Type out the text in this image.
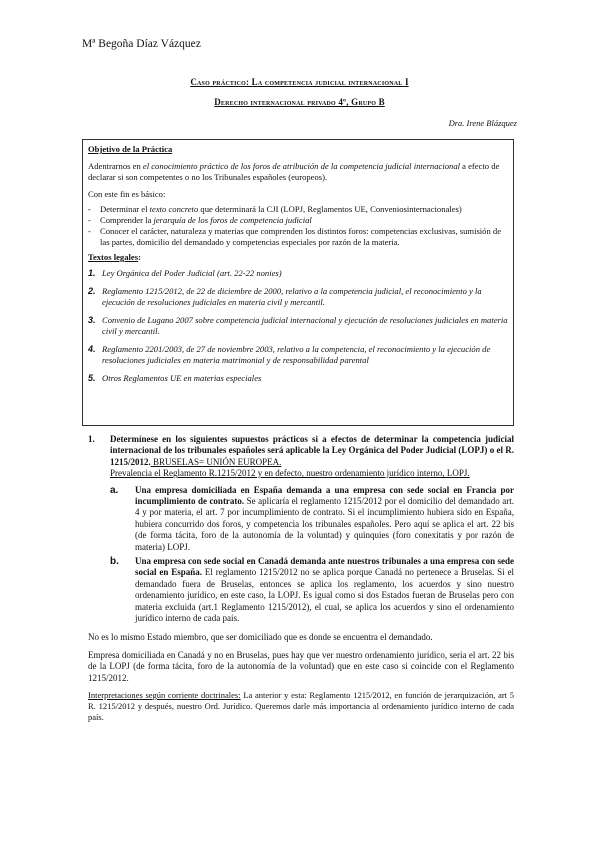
Mª Begoña Díaz Vázquez
Caso práctico: La competencia judicial internacional I
Derecho internacional privado 4º, Grupo B
Dra. Irene Blázquez

Objetivo de la Práctica

Adentrarnos en el conocimiento práctico de los foros de atribución de la competencia judicial internacional a efecto de declarar si son competentes o no los Tribunales españoles (europeos).

Con este fin es básico:

-	Determinar el texto concreto que determinará la CJI (LOPJ, Reglamentos UE, Conveniosinternacionales)
-	Comprender la jerarquía de los foros de competencia judicial
-	Conocer el carácter, naturaleza y materias que comprenden los distintos foros: competencias exclusivas, sumisión de las partes, domicilio del demandado y competencias especiales por razón de la materia.

Textos legales:

1. Ley Orgánica del Poder Judicial (art. 22-22 nonies)
2. Reglamento 1215/2012, de 22 de diciembre de 2000, relativo a la competencia judicial, el reconocimiento y la ejecución de resoluciones judiciales en materia civil y mercantil.
3. Convenio de Lugano 2007 sobre competencia judicial internacional y ejecución de resoluciones judiciales en materia civil y mercantil.
4. Reglamento 2201/2003, de 27 de noviembre 2003, relativo a la competencia, el reconocimiento y la ejecución de resoluciones judiciales en materia matrimonial y de responsabilidad parental
5. Otros Reglamentos UE en materias especiales
1.	Determínese en los siguientes supuestos prácticos si a efectos de determinar la competencia judicial internacional de los tribunales españoles será aplicable la Ley Orgánica del Poder Judicial (LOPJ) o el R. 1215/2012. BRUSELAS= UNIÓN EUROPEA.

Prevalencia el Reglamento R.1215/2012 y en defecto, nuestro ordenamiento jurídico interno, LOPJ.

a.	Una empresa domiciliada en España demanda a una empresa con sede social en Francia por incumplimiento de contrato. Se aplicaría el reglamento 1215/2012 por el domicilio del demandado art. 4 y por materia, el art. 7 por incumplimiento de contrato. Si el incumplimiento hubiera sido en España, hubiera concurrido dos foros, y competencia los tribunales españoles. Pero aquí se aplica el art. 22 bis (de forma tácita, foro de la autonomía de la voluntad) y quinquies (foro conexitatis y por razón de materia) LOPJ.
b.	Una empresa con sede social en Canadá demanda ante nuestros tribunales a una empresa con sede social en España. El reglamento 1215/2012 no se aplica porque Canadá no pertenece a Bruselas. Si el demandado fuera de Bruselas, entonces se aplica los reglamento, los acuerdos y sino nuestro ordenamiento jurídico, en este caso, la LOPJ. Es igual como si dos Estados fueran de Bruselas pero con materia excluida (art.1 Reglamento 1215/2012), el cual, se aplica los acuerdos y sino el ordenamiento jurídico interno de cada país.

No es lo mismo Estado miembro, que ser domiciliado que es donde se encuentra el demandado.

Empresa domiciliada en Canadá y no en Bruselas, pues hay que ver nuestro ordenamiento jurídico, sería el art. 22 bis de la LOPJ (de forma tácita, foro de la autonomía de la voluntad) que en este caso si coincide con el Reglamento 1215/2012.

Interpretaciones según corriente doctrinales: La anterior y esta: Reglamento 1215/2012, en función de jerarquización, art 5 R. 1215/2012 y después, nuestro Ord. Jurídico. Queremos darle más importancia al ordenamiento jurídico interno de cada país.
